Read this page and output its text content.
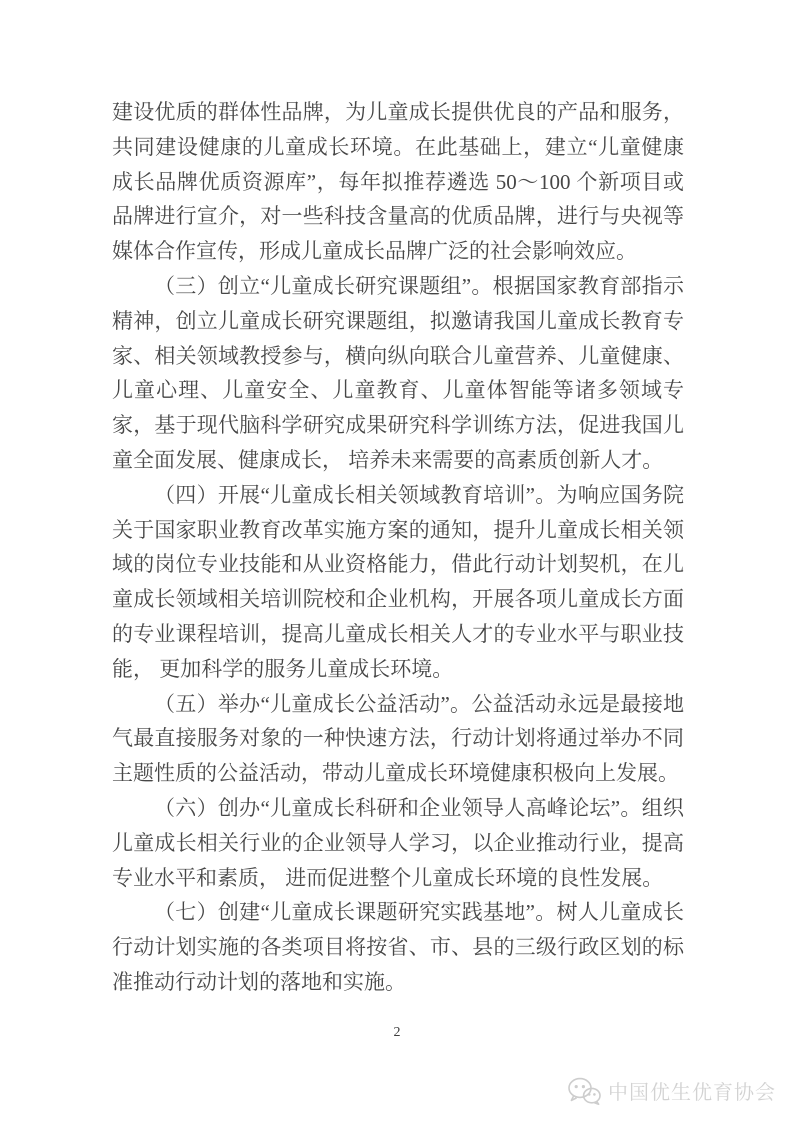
建设优质的群体性品牌，为儿童成长提供优良的产品和服务，共同建设健康的儿童成长环境。在此基础上，建立“儿童健康成长品牌优质资源库”，每年拟推荐遴选 50～100 个新项目或品牌进行宣介，对一些科技含量高的优质品牌，进行与央视等媒体合作宣传，形成儿童成长品牌广泛的社会影响效应。

（三）创立“儿童成长研究课题组”。根据国家教育部指示精神，创立儿童成长研究课题组，拟邀请我国儿童成长教育专家、相关领域教授参与，横向纵向联合儿童营养、儿童健康、儿童心理、儿童安全、儿童教育、儿童体智能等诸多领域专家，基于现代脑科学研究成果研究科学训练方法，促进我国儿童全面发展、健康成长， 培养未来需要的高素质创新人才。

（四）开展“儿童成长相关领域教育培训”。为响应国务院关于国家职业教育改革实施方案的通知，提升儿童成长相关领域的岗位专业技能和从业资格能力，借此行动计划契机，在儿童成长领域相关培训院校和企业机构，开展各项儿童成长方面的专业课程培训，提高儿童成长相关人才的专业水平与职业技能， 更加科学的服务儿童成长环境。

（五）举办“儿童成长公益活动”。公益活动永远是最接地气最直接服务对象的一种快速方法，行动计划将通过举办不同主题性质的公益活动，带动儿童成长环境健康积极向上发展。

（六）创办“儿童成长科研和企业领导人高峰论坛”。组织儿童成长相关行业的企业领导人学习，以企业推动行业，提高专业水平和素质， 进而促进整个儿童成长环境的良性发展。

（七）创建“儿童成长课题研究实践基地”。树人儿童成长行动计划实施的各类项目将按省、市、县的三级行政区划的标准推动行动计划的落地和实施。

2
中国优生优育协会
